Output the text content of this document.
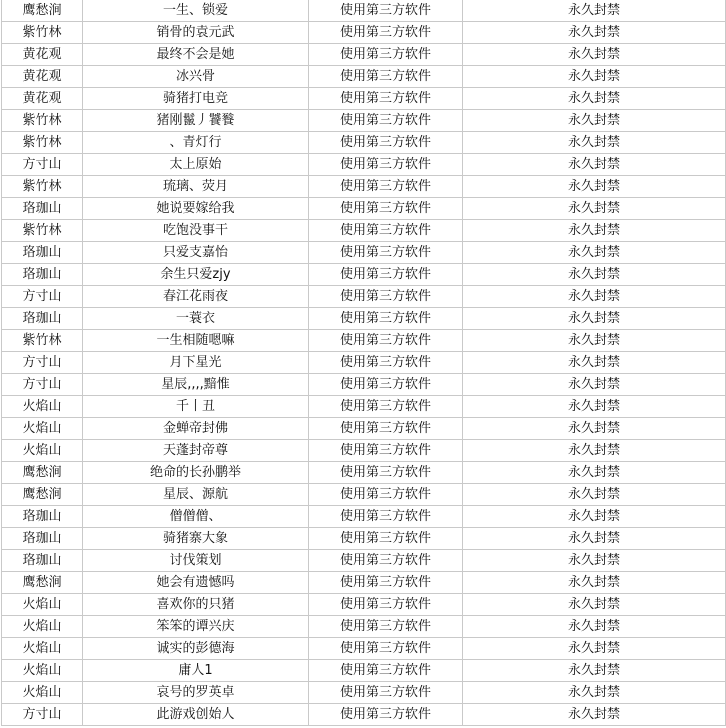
鹰愁涧	一生、锁爱	使用第三方软件	永久封禁
紫竹林	销骨的袁元武	使用第三方软件	永久封禁
黄花观	最终不会是她	使用第三方软件	永久封禁
黄花观	冰兴骨	使用第三方软件	永久封禁
黄花观	骑猪打电竞	使用第三方软件	永久封禁
紫竹林	猪刚鬣丿饕餮	使用第三方软件	永久封禁
紫竹林	、青灯行	使用第三方软件	永久封禁
方寸山	太上原始	使用第三方软件	永久封禁
紫竹林	琉璃、荧月	使用第三方软件	永久封禁
珞珈山	她说要嫁给我	使用第三方软件	永久封禁
紫竹林	吃饱没事干	使用第三方软件	永久封禁
珞珈山	只爱支嘉怡	使用第三方软件	永久封禁
珞珈山	余生只爱zjy	使用第三方软件	永久封禁
方寸山	春江花雨夜	使用第三方软件	永久封禁
珞珈山	一蓑衣	使用第三方软件	永久封禁
紫竹林	一生相随嗯嘛	使用第三方软件	永久封禁
方寸山	月下星光	使用第三方软件	永久封禁
方寸山	星辰,,,,黯惟	使用第三方软件	永久封禁
火焰山	千丨丑	使用第三方软件	永久封禁
火焰山	金蝉帝封佛	使用第三方软件	永久封禁
火焰山	天蓬封帝尊	使用第三方软件	永久封禁
鹰愁涧	绝命的长孙鹏举	使用第三方软件	永久封禁
鹰愁涧	星辰、源航	使用第三方软件	永久封禁
珞珈山	僧僧僧、	使用第三方软件	永久封禁
珞珈山	骑猪寨大象	使用第三方软件	永久封禁
珞珈山	讨伐策划	使用第三方软件	永久封禁
鹰愁涧	她会有遗憾吗	使用第三方软件	永久封禁
火焰山	喜欢你的只猪	使用第三方软件	永久封禁
火焰山	笨笨的谭兴庆	使用第三方软件	永久封禁
火焰山	诚实的彭德海	使用第三方软件	永久封禁
火焰山	庸人1	使用第三方软件	永久封禁
火焰山	哀号的罗英卓	使用第三方软件	永久封禁
方寸山	此游戏创始人	使用第三方软件	永久封禁
